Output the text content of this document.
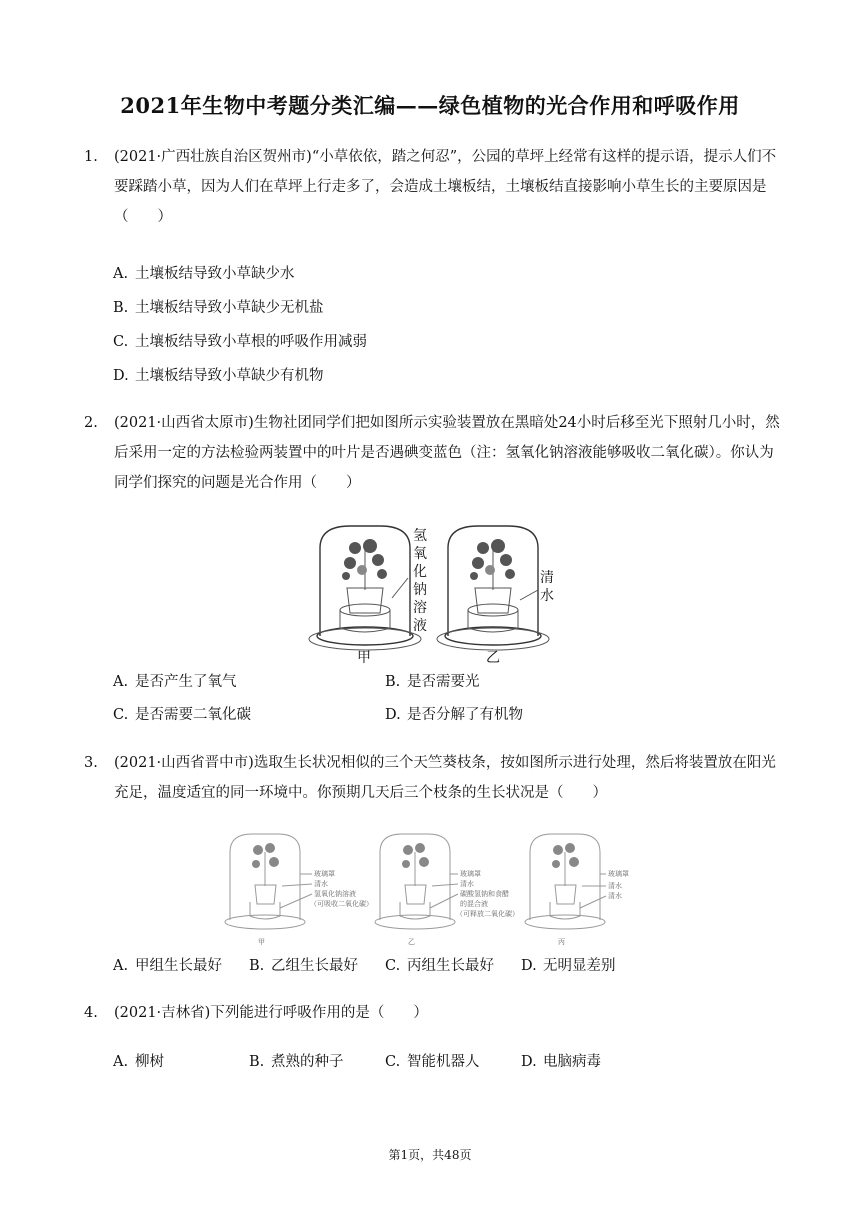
2021年生物中考题分类汇编——绿色植物的光合作用和呼吸作用
1.	(2021·广西壮族自治区贺州市)“小草依依，踏之何忍”，公园的草坪上经常有这样的提示语，提示人们不要踩踏小草，因为人们在草坪上行走多了，会造成土壤板结，土壤板结直接影响小草生长的主要原因是（　　）
A. 土壤板结导致小草缺少水
B. 土壤板结导致小草缺少无机盐
C. 土壤板结导致小草根的呼吸作用减弱
D. 土壤板结导致小草缺少有机物
2.	(2021·山西省太原市)生物社团同学们把如图所示实验装置放在黑暗处24小时后移至光下照射几小时，然后采用一定的方法检验两装置中的叶片是否遇碘变蓝色（注：氢氧化钠溶液能够吸收二氧化碳）。你认为同学们探究的问题是光合作用（　　）
氢
氧
化
钠
溶
液
甲
清
水
乙
A. 是否产生了氧气	B. 是否需要光
C. 是否需要二氧化碳	D. 是否分解了有机物
3.	(2021·山西省晋中市)选取生长状况相似的三个天竺葵枝条，按如图所示进行处理，然后将装置放在阳光充足，温度适宜的同一环境中。你预期几天后三个枝条的生长状况是（　　）
玻璃罩
清水
氢氧化钠溶液
（可吸收二氧化碳）
甲
玻璃罩
清水
碳酸氢钠和食醋
的混合液
（可释放二氧化碳）
乙
玻璃罩
清水
清水
丙
A. 甲组生长最好 B. 乙组生长最好 C. 丙组生长最好 D. 无明显差别
4.	(2021·吉林省)下列能进行呼吸作用的是（　　）
A. 柳树	B. 煮熟的种子	C. 智能机器人	D. 电脑病毒
第1页，共48页
